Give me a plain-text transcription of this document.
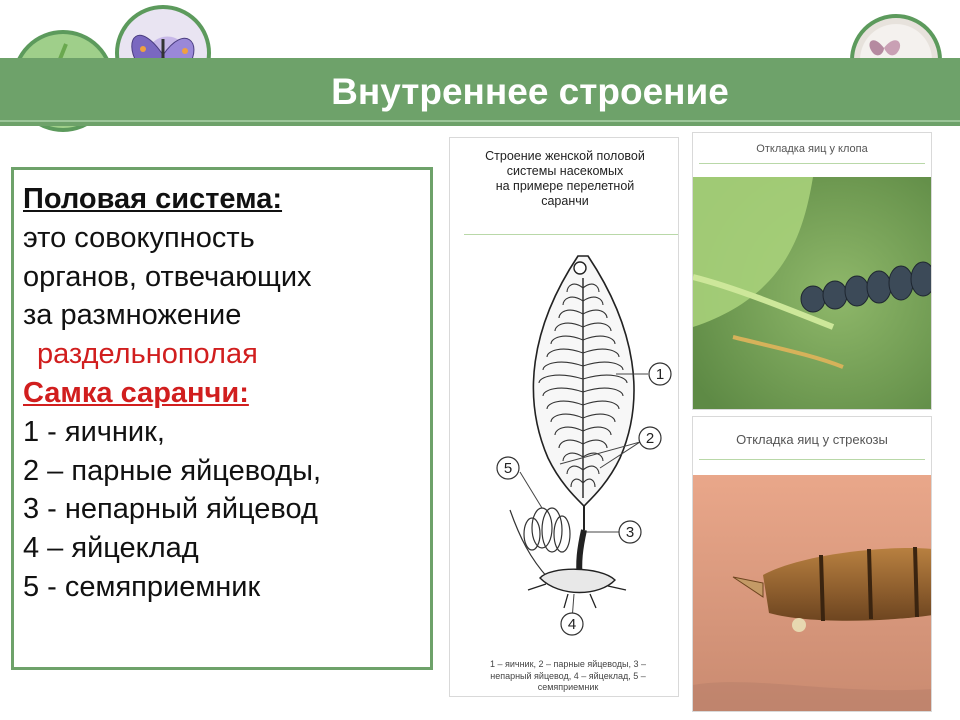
Внутреннее строение
Половая система:
это совокупность
органов, отвечающих
за размножение
раздельнополая
Самка саранчи:
1 - яичник,
2 – парные яйцеводы,
3 - непарный яйцевод
4 – яйцеклад
5 - семяприемник
Строение женской половой
системы насекомых
на примере перелетной
саранчи
1
2
3
4
5
1 – яичник, 2 – парные яйцеводы, 3 –
непарный яйцевод, 4 – яйцеклад, 5 –
семяприемник
Откладка яиц у клопа
Откладка яиц у стрекозы
